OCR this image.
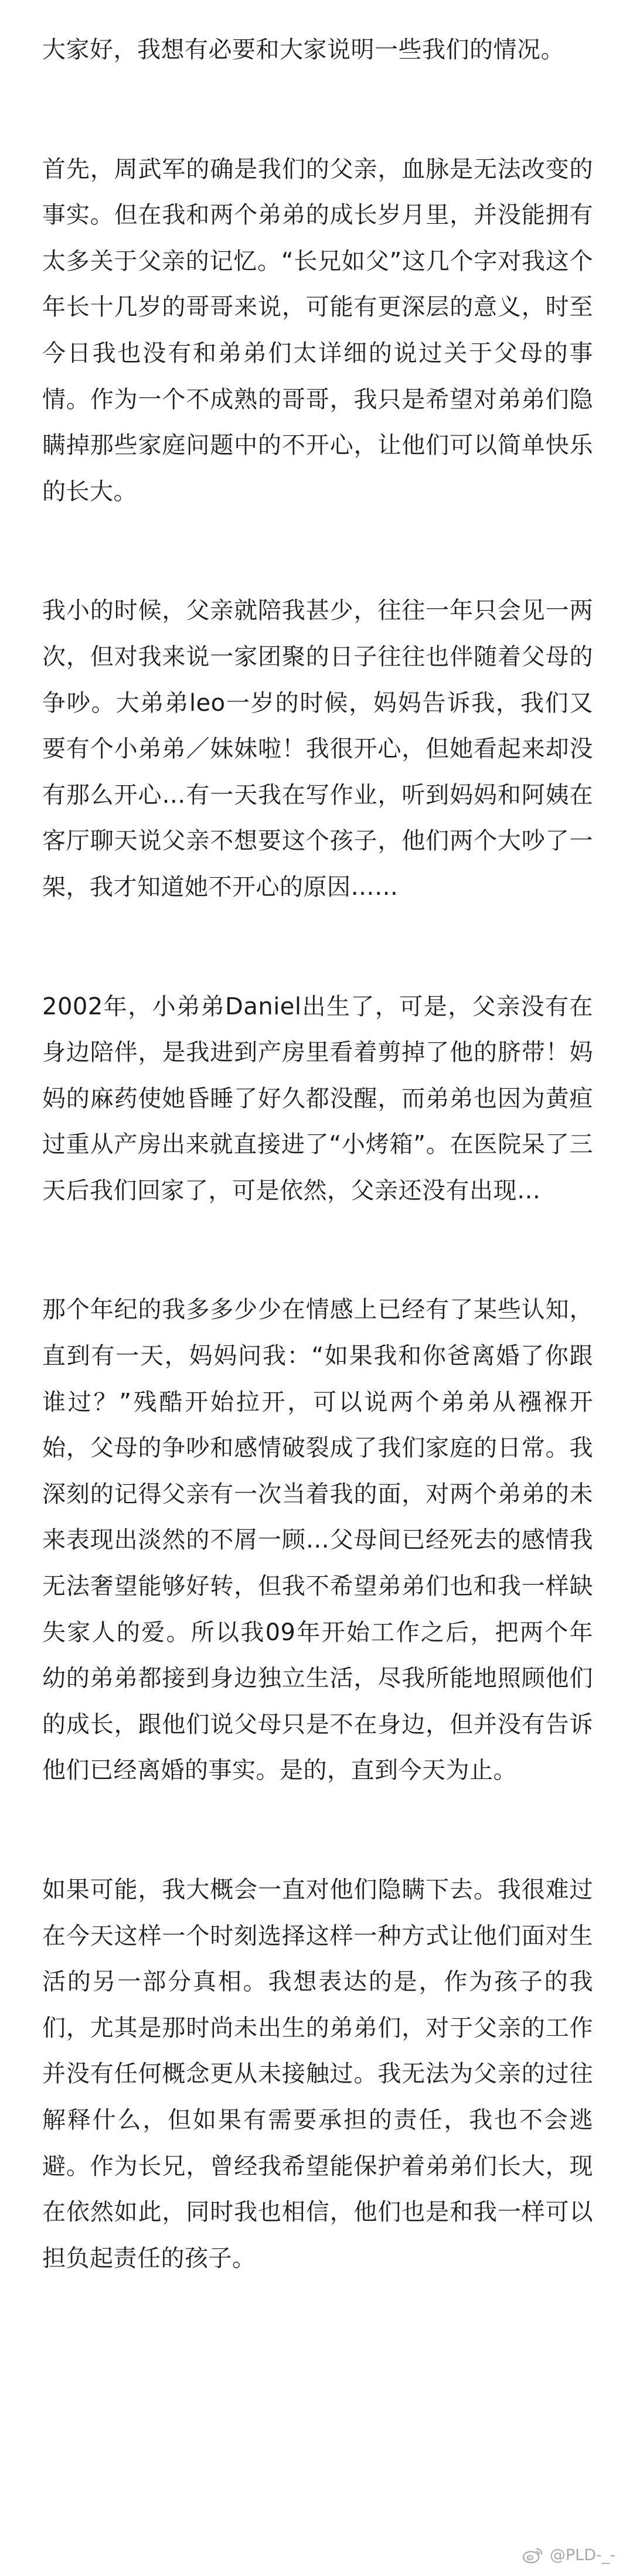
大家好，我想有必要和大家说明一些我们的情况。

首先，周武军的确是我们的父亲，血脉是无法改变的事实。但在我和两个弟弟的成长岁月里，并没能拥有太多关于父亲的记忆。“长兄如父”这几个字对我这个年长十几岁的哥哥来说，可能有更深层的意义，时至今日我也没有和弟弟们太详细的说过关于父母的事情。作为一个不成熟的哥哥，我只是希望对弟弟们隐瞒掉那些家庭问题中的不开心，让他们可以简单快乐的长大。

我小的时候，父亲就陪我甚少，往往一年只会见一两次，但对我来说一家团聚的日子往往也伴随着父母的争吵。大弟弟leo一岁的时候，妈妈告诉我，我们又要有个小弟弟／妹妹啦！我很开心，但她看起来却没有那么开心…有一天我在写作业，听到妈妈和阿姨在客厅聊天说父亲不想要这个孩子，他们两个大吵了一架，我才知道她不开心的原因……

2002年，小弟弟Daniel出生了，可是，父亲没有在身边陪伴，是我进到产房里看着剪掉了他的脐带！妈妈的麻药使她昏睡了好久都没醒，而弟弟也因为黄疸过重从产房出来就直接进了“小烤箱”。在医院呆了三天后我们回家了，可是依然，父亲还没有出现…

那个年纪的我多多少少在情感上已经有了某些认知，直到有一天，妈妈问我：“如果我和你爸离婚了你跟谁过？”残酷开始拉开，可以说两个弟弟从襁褓开始，父母的争吵和感情破裂成了我们家庭的日常。我深刻的记得父亲有一次当着我的面，对两个弟弟的未来表现出淡然的不屑一顾…父母间已经死去的感情我无法奢望能够好转，但我不希望弟弟们也和我一样缺失家人的爱。所以我09年开始工作之后，把两个年幼的弟弟都接到身边独立生活，尽我所能地照顾他们的成长，跟他们说父母只是不在身边，但并没有告诉他们已经离婚的事实。是的，直到今天为止。

如果可能，我大概会一直对他们隐瞒下去。我很难过在今天这样一个时刻选择这样一种方式让他们面对生活的另一部分真相。我想表达的是，作为孩子的我们，尤其是那时尚未出生的弟弟们，对于父亲的工作并没有任何概念更从未接触过。我无法为父亲的过往解释什么，但如果有需要承担的责任，我也不会逃避。作为长兄，曾经我希望能保护着弟弟们长大，现在依然如此，同时我也相信，他们也是和我一样可以担负起责任的孩子。

@PLD-_-
